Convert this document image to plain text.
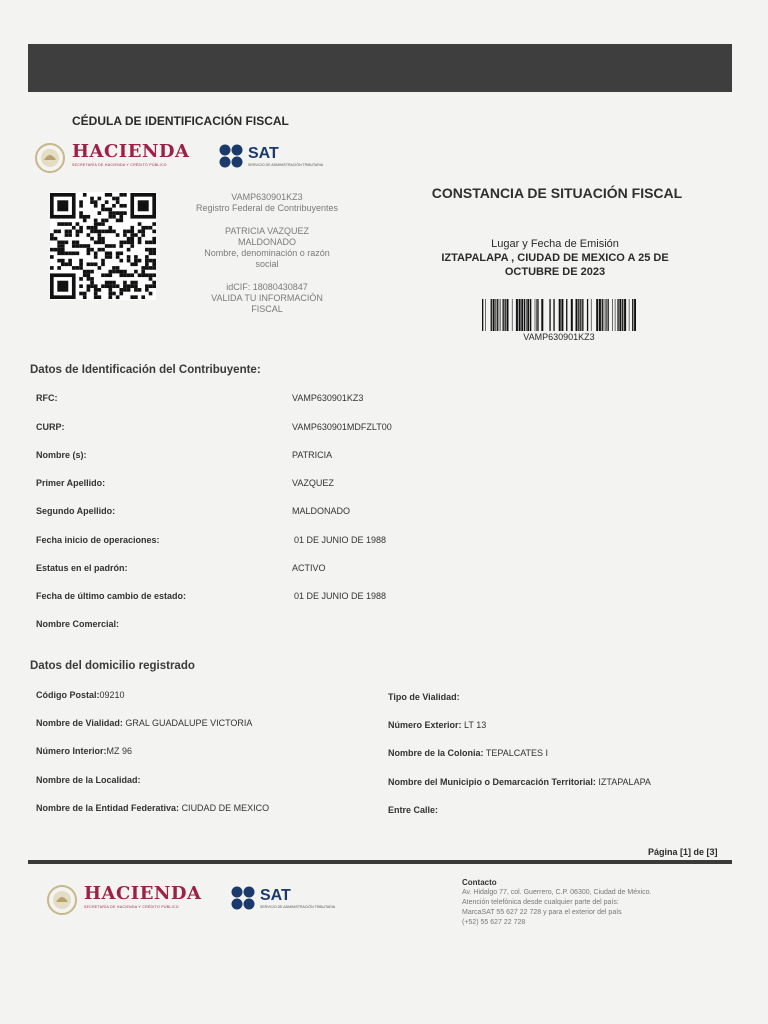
CÉDULA DE IDENTIFICACIÓN FISCAL
HACIENDA
SECRETARÍA DE HACIENDA Y CRÉDITO PÚBLICO
SAT
SERVICIO DE ADMINISTRACIÓN TRIBUTARIA
VAMP630901KZ3
Registro Federal de Contribuyentes
PATRICIA VAZQUEZ
MALDONADO
Nombre, denominación o razón
social
idCIF: 18080430847
VALIDA TU INFORMACIÓN
FISCAL
CONSTANCIA DE SITUACIÓN FISCAL
Lugar y Fecha de Emisión
IZTAPALAPA , CIUDAD DE MEXICO A 25 DE
OCTUBRE DE 2023
VAMP630901KZ3
Datos de Identificación del Contribuyente:
RFC:	VAMP630901KZ3
CURP:	VAMP630901MDFZLT00
Nombre (s):	PATRICIA
Primer Apellido:	VAZQUEZ
Segundo Apellido:	MALDONADO
Fecha inicio de operaciones:	01 DE JUNIO DE 1988
Estatus en el padrón:	ACTIVO
Fecha de último cambio de estado:	01 DE JUNIO DE 1988
Nombre Comercial:
Datos del domicilio registrado
Código Postal:09210
Nombre de Vialidad: GRAL GUADALUPE VICTORIA
Número Interior:MZ 96
Nombre de la Localidad:
Nombre de la Entidad Federativa: CIUDAD DE MEXICO
Tipo de Vialidad:
Número Exterior: LT 13
Nombre de la Colonia: TEPALCATES I
Nombre del Municipio o Demarcación Territorial: IZTAPALAPA
Entre Calle:
Página [1] de [3]
HACIENDA
SECRETARÍA DE HACIENDA Y CRÉDITO PÚBLICO
SAT
SERVICIO DE ADMINISTRACIÓN TRIBUTARIA
Contacto
Av. Hidalgo 77, col. Guerrero, C.P. 06300, Ciudad de México.
Atención telefónica desde cualquier parte del país:
MarcaSAT 55 627 22 728 y para el exterior del país
(+52) 55 627 22 728
